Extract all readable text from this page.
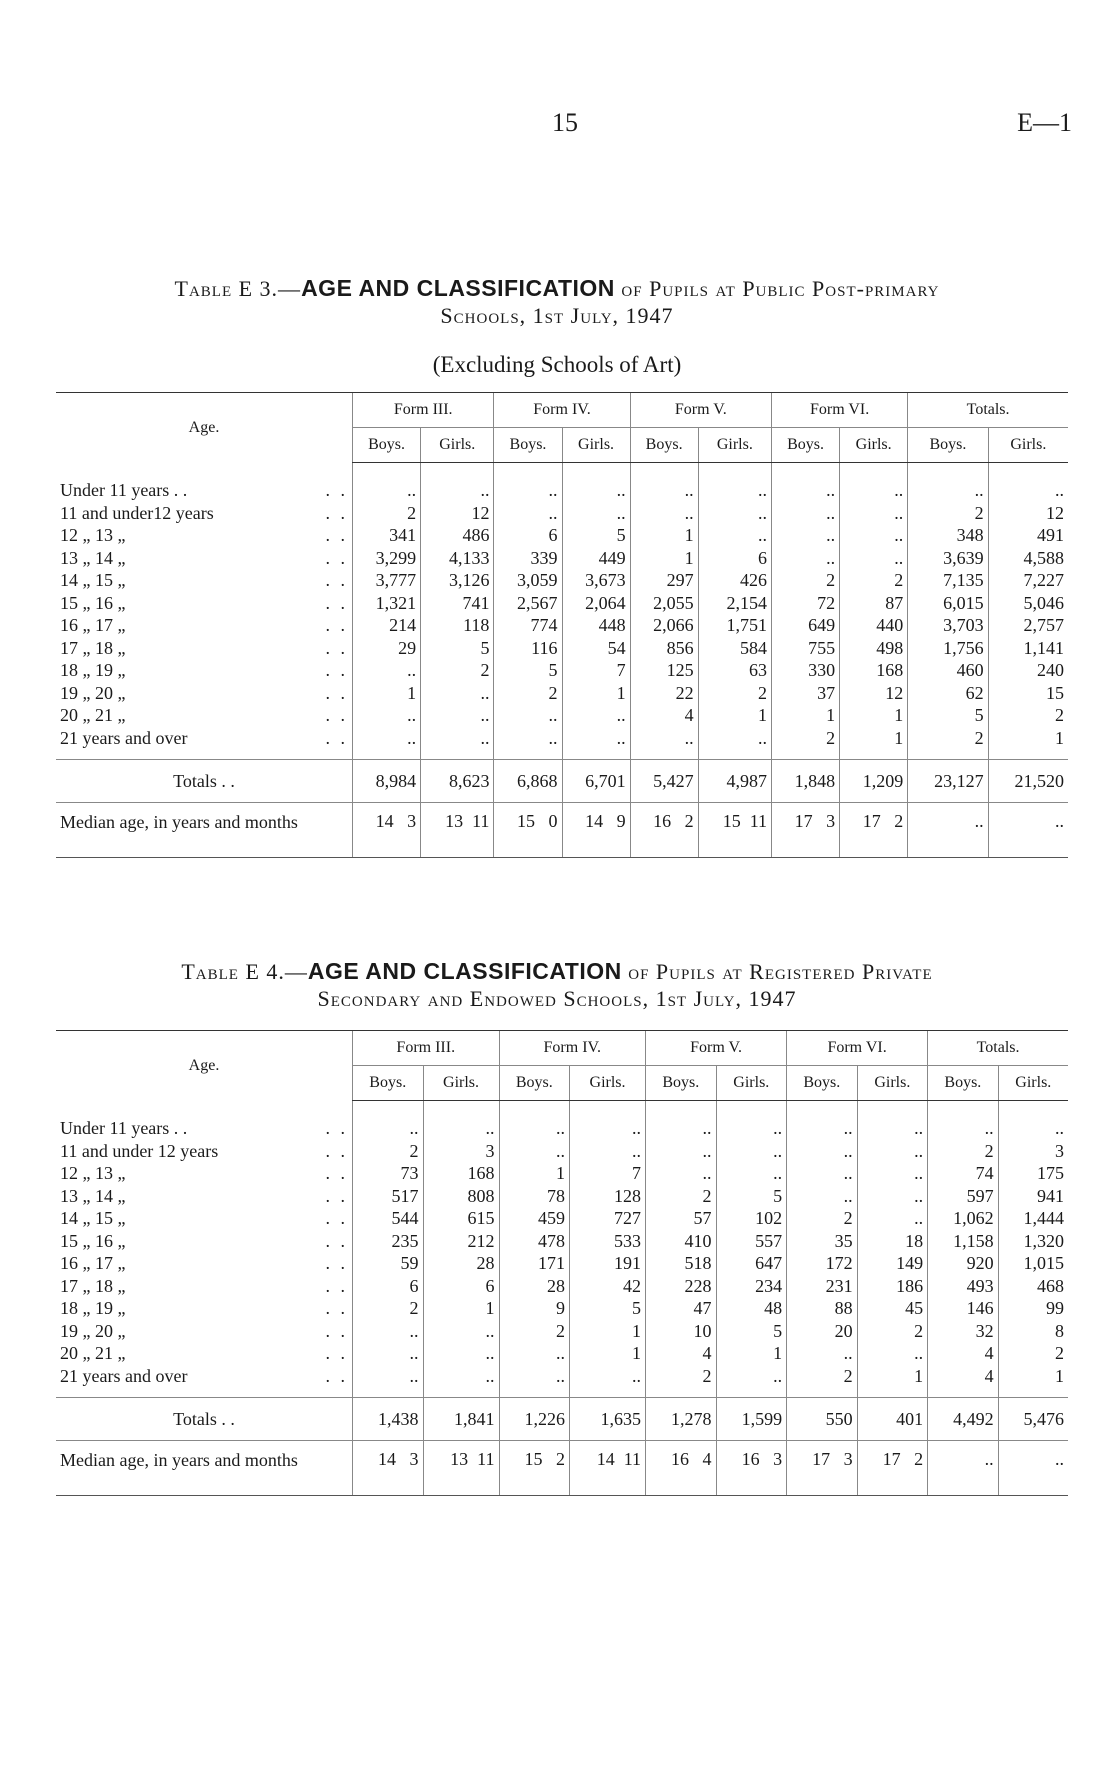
15	E—1
Table E 3.—AGE AND CLASSIFICATION of Pupils at Public Post-primary
Schools, 1st July, 1947
(Excluding Schools of Art)
Age.	Form III.		Form IV.		Form V.		Form VI.		Totals.	
	Boys.	Girls.	Boys.	Girls.	Boys.	Girls.	Boys.	Girls.	Boys.	Girls.
Under 11 years . . . .	..	..	..	..	..	..	..	..	..	..
11 and under12 years . .	2	12	..	..	..	..	..	..	2	12
12 „ 13 „ . .	341	486	6	5	1	..	..	..	348	491
13 „ 14 „ . .	3,299	4,133	339	449	1	6	..	..	3,639	4,588
14 „ 15 „ . .	3,777	3,126	3,059	3,673	297	426	2	2	7,135	7,227
15 „ 16 „ . .	1,321	741	2,567	2,064	2,055	2,154	72	87	6,015	5,046
16 „ 17 „ . .	214	118	774	448	2,066	1,751	649	440	3,703	2,757
17 „ 18 „ . .	29	5	116	54	856	584	755	498	1,756	1,141
18 „ 19 „ . .	..	2	5	7	125	63	330	168	460	240
19 „ 20 „ . .	1	..	2	1	22	2	37	12	62	15
20 „ 21 „ . .	..	..	..	..	4	1	1	1	5	2
21 years and over . .	..	..	..	..	..	..	2	1	2	1
Totals . .	8,984	8,623	6,868	6,701	5,427	4,987	1,848	1,209	23,127	21,520
Median age, in years and months	14   3	13  11	15   0	14   9	16   2	15  11	17   3	17   2	..	..
Table E 4.—AGE AND CLASSIFICATION of Pupils at Registered Private
Secondary and Endowed Schools, 1st July, 1947
Age.	Form III.		Form IV.		Form V.		Form VI.		Totals.	
	Boys.	Girls.	Boys.	Girls.	Boys.	Girls.	Boys.	Girls.	Boys.	Girls.
Under 11 years . . . .	..	..	..	..	..	..	..	..	..	..
11 and under 12 years . .	2	3	..	..	..	..	..	..	2	3
12 „ 13 „ . .	73	168	1	7	..	..	..	..	74	175
13 „ 14 „ . .	517	808	78	128	2	5	..	..	597	941
14 „ 15 „ . .	544	615	459	727	57	102	2	..	1,062	1,444
15 „ 16 „ . .	235	212	478	533	410	557	35	18	1,158	1,320
16 „ 17 „ . .	59	28	171	191	518	647	172	149	920	1,015
17 „ 18 „ . .	6	6	28	42	228	234	231	186	493	468
18 „ 19 „ . .	2	1	9	5	47	48	88	45	146	99
19 „ 20 „ . .	..	..	2	1	10	5	20	2	32	8
20 „ 21 „ . .	..	..	..	1	4	1	..	..	4	2
21 years and over . .	..	..	..	..	2	..	2	1	4	1
Totals . .	1,438	1,841	1,226	1,635	1,278	1,599	550	401	4,492	5,476
Median age, in years and months	14   3	13  11	15   2	14  11	16   4	16   3	17   3	17   2	..	..
